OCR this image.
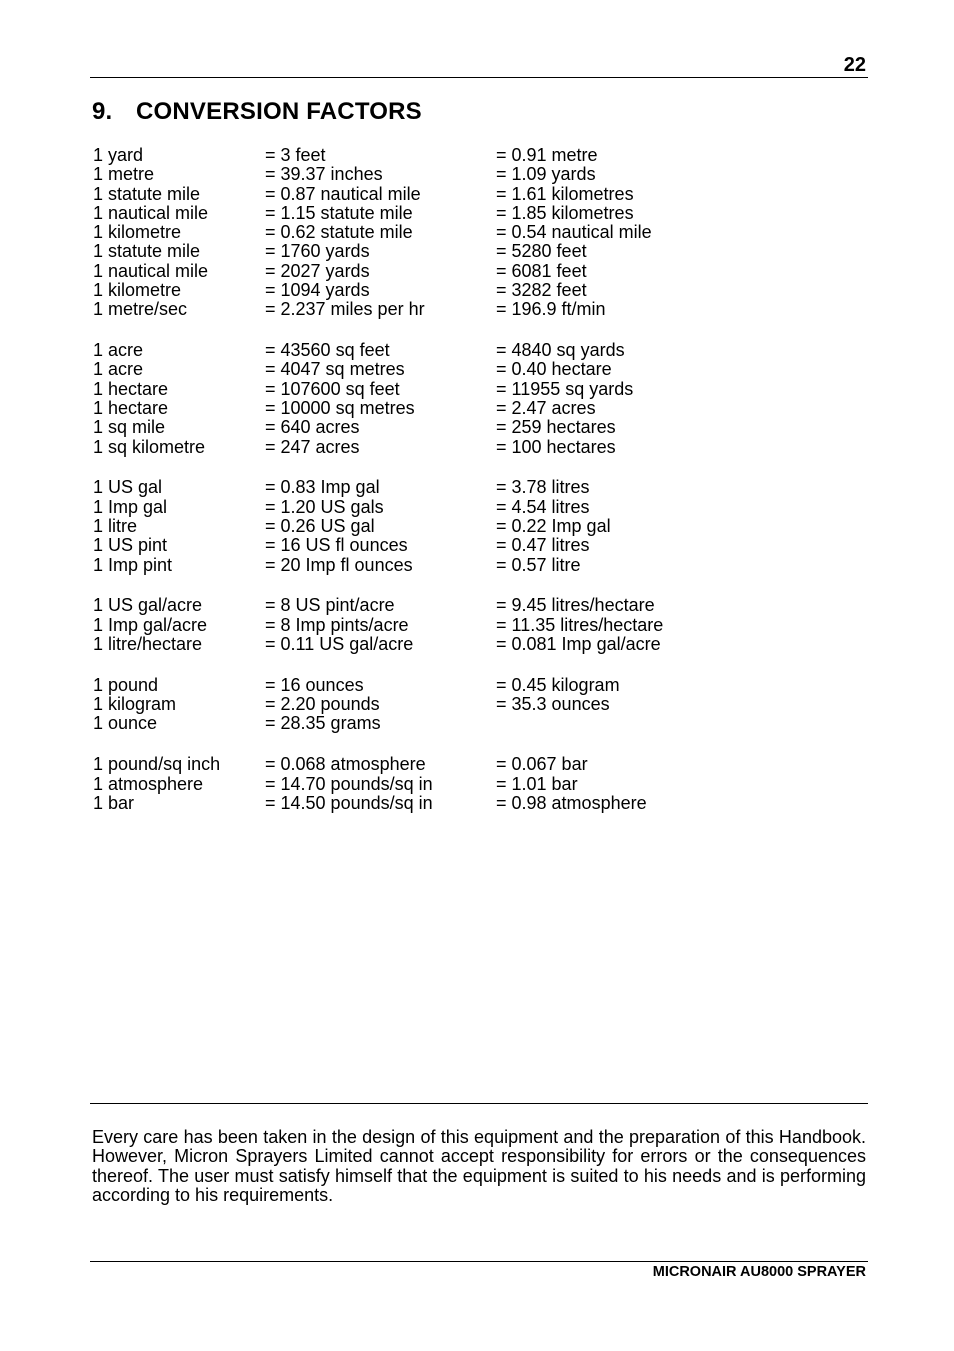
22
9. CONVERSION FACTORS
1 yard	= 3 feet	= 0.91 metre
1 metre	= 39.37 inches	= 1.09 yards
1 statute mile	= 0.87 nautical mile	= 1.61 kilometres
1 nautical mile	= 1.15 statute mile	= 1.85 kilometres
1 kilometre	= 0.62 statute mile	= 0.54 nautical mile
1 statute mile	= 1760 yards	= 5280 feet
1 nautical mile	= 2027 yards	= 6081 feet
1 kilometre	= 1094 yards	= 3282 feet
1 metre/sec	= 2.237 miles per hr	= 196.9 ft/min
1 acre	= 43560 sq feet	= 4840 sq yards
1 acre	= 4047 sq metres	= 0.40 hectare
1 hectare	= 107600 sq feet	= 11955 sq yards
1 hectare	= 10000 sq metres	= 2.47 acres
1 sq mile	= 640 acres	= 259 hectares
1 sq kilometre	= 247 acres	= 100 hectares
1 US gal	= 0.83 Imp gal	= 3.78 litres
1 Imp gal	= 1.20 US gals	= 4.54 litres
1 litre	= 0.26 US gal	= 0.22 Imp gal
1 US pint	= 16 US fl ounces	= 0.47 litres
1 Imp pint	= 20 Imp fl ounces	= 0.57 litre
1 US gal/acre	= 8 US pint/acre	= 9.45 litres/hectare
1 Imp gal/acre	= 8 Imp pints/acre	= 11.35 litres/hectare
1 litre/hectare	= 0.11 US gal/acre	= 0.081 Imp gal/acre
1 pound	= 16 ounces	= 0.45 kilogram
1 kilogram	= 2.20 pounds	= 35.3 ounces
1 ounce	= 28.35 grams
1 pound/sq inch	= 0.068 atmosphere	= 0.067 bar
1 atmosphere	= 14.70 pounds/sq in	= 1.01 bar
1 bar	= 14.50 pounds/sq in	= 0.98 atmosphere

Every care has been taken in the design of this equipment and the preparation of this Handbook. However, Micron Sprayers Limited cannot accept responsibility for errors or the consequences thereof. The user must satisfy himself that the equipment is suited to his needs and is performing according to his requirements.

MICRONAIR AU8000 SPRAYER
